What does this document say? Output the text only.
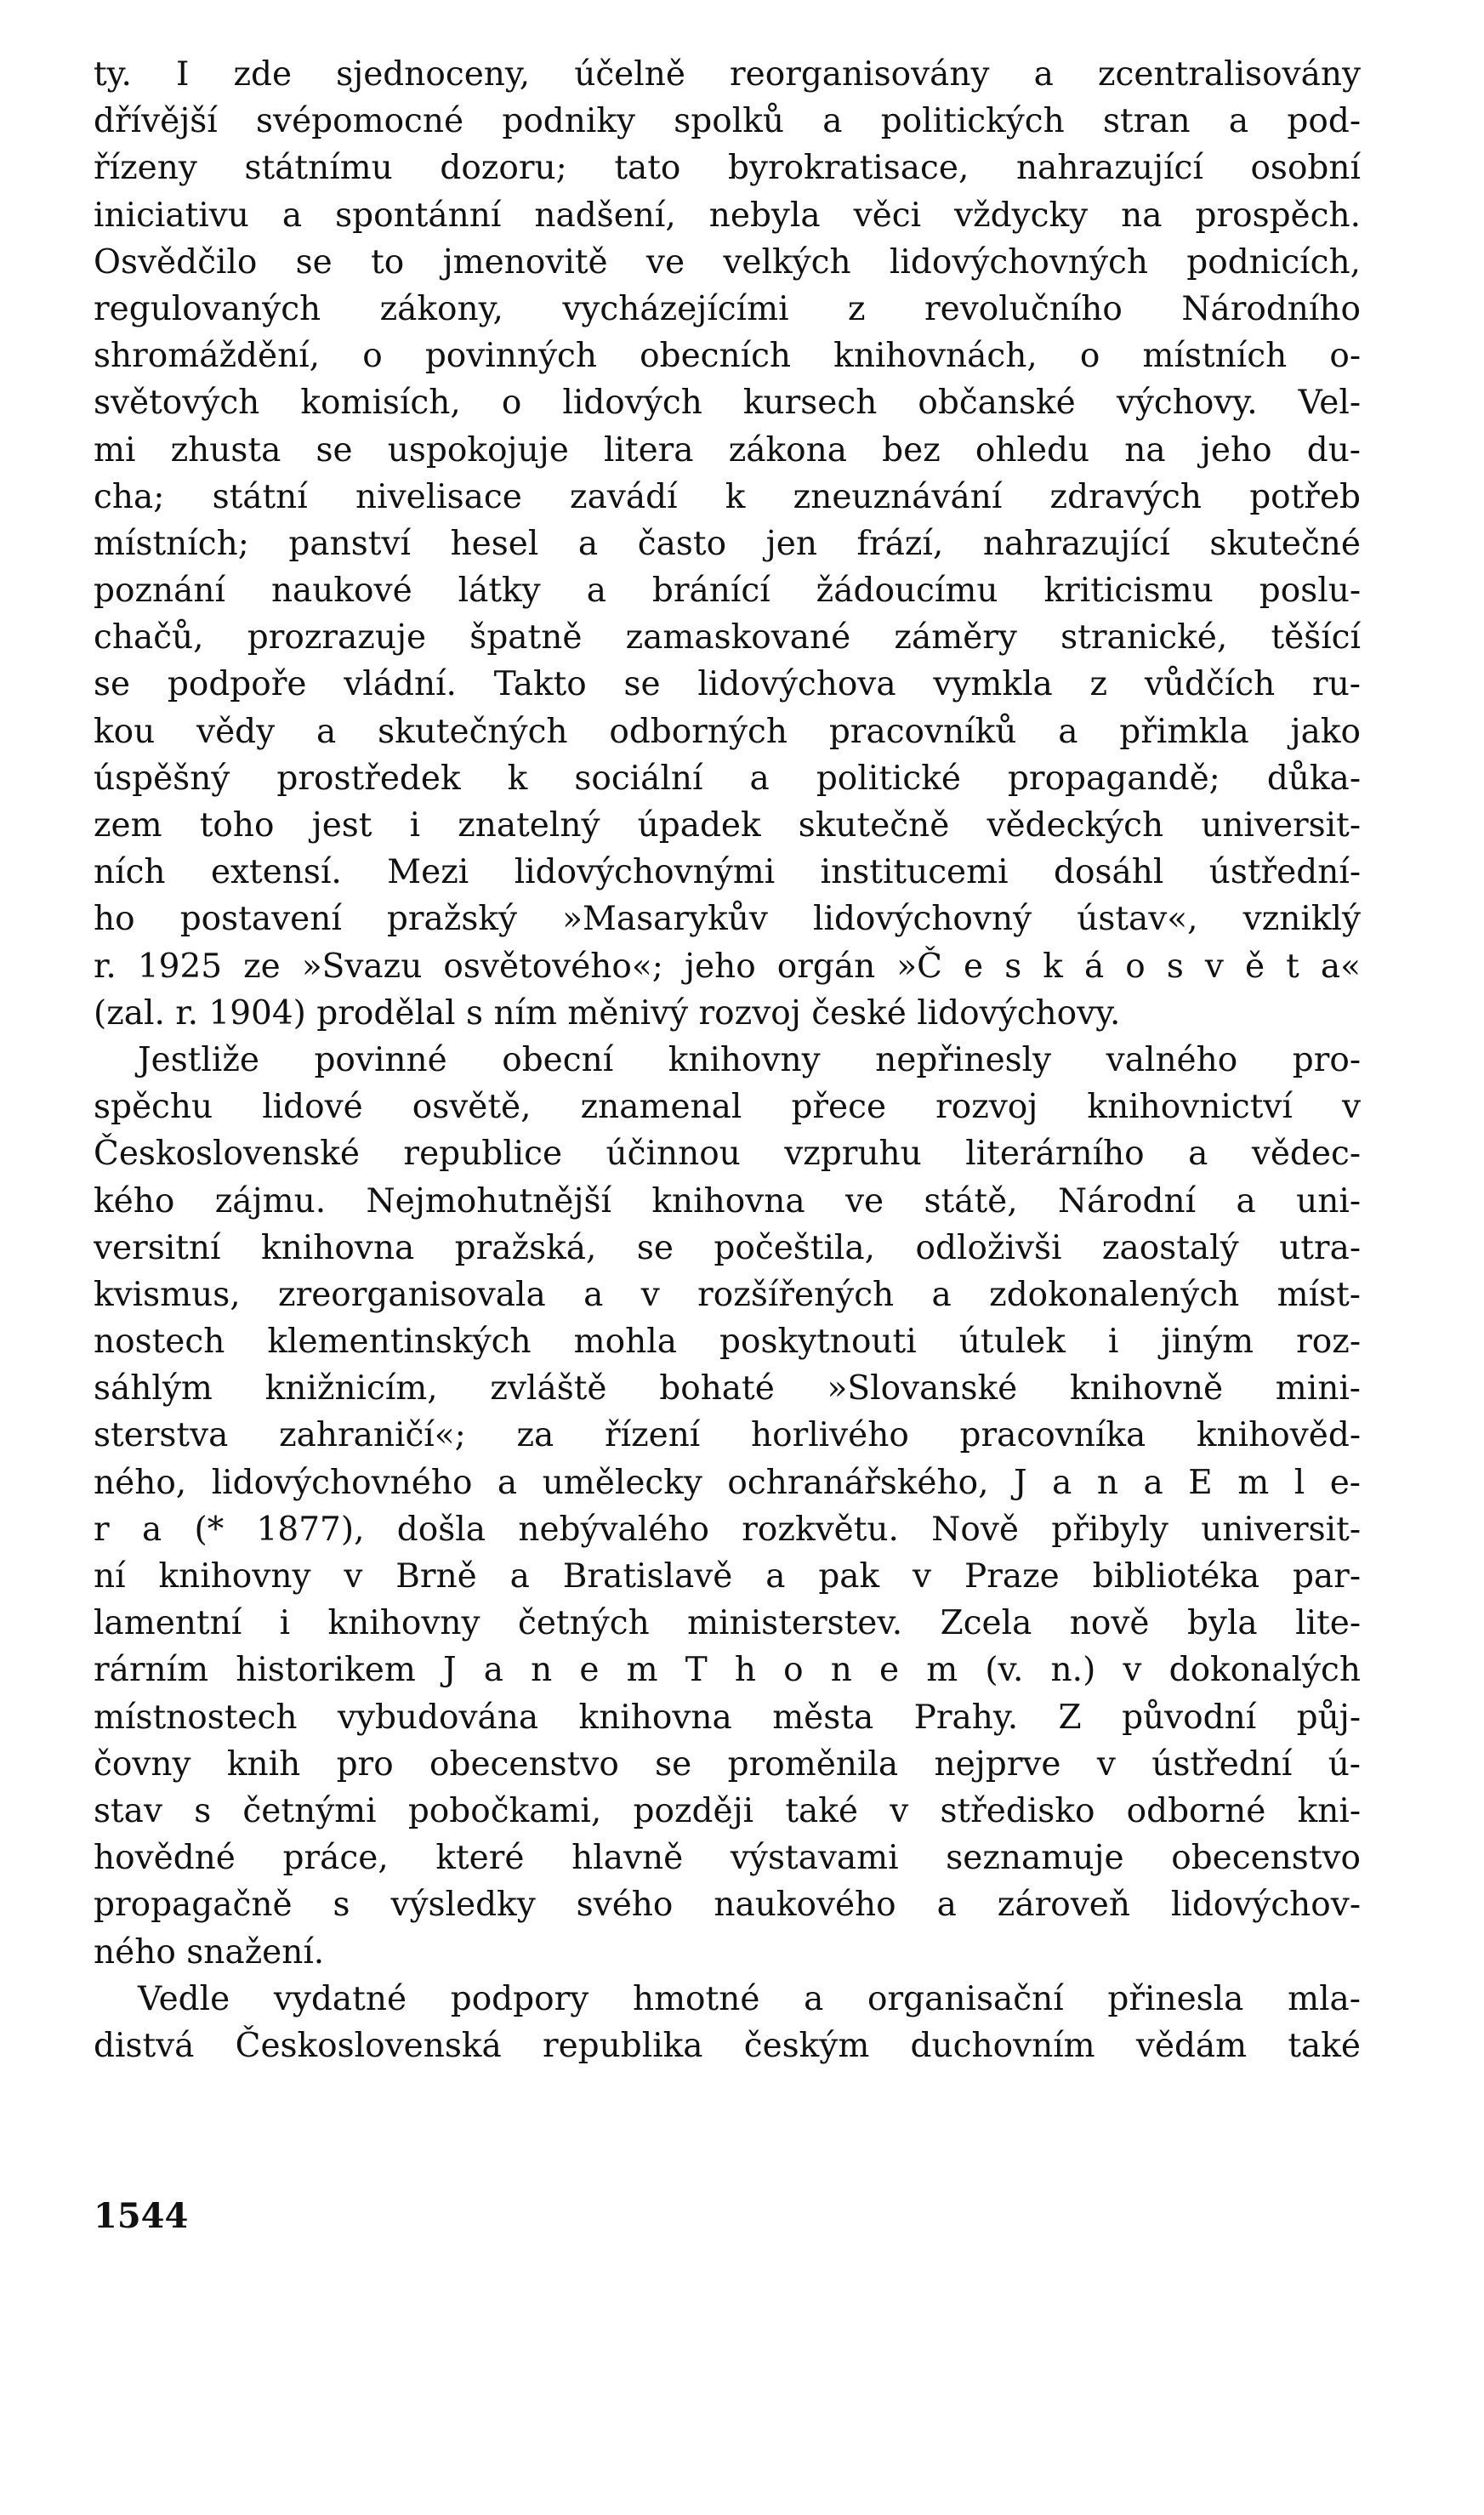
ty. I zde sjednoceny, účelně reorganisovány a zcentralisovány
dřívější svépomocné podniky spolků a politických stran a pod-
řízeny státnímu dozoru; tato byrokratisace, nahrazující osobní
iniciativu a spontánní nadšení, nebyla věci vždycky na prospěch.
Osvědčilo se to jmenovitě ve velkých lidovýchovných podnicích,
regulovaných zákony, vycházejícími z revolučního Národního
shromáždění, o povinných obecních knihovnách, o místních o-
světových komisích, o lidových kursech občanské výchovy. Vel-
mi zhusta se uspokojuje litera zákona bez ohledu na jeho du-
cha; státní nivelisace zavádí k zneuznávání zdravých potřeb
místních; panství hesel a často jen frází, nahrazující skutečné
poznání naukové látky a bránící žádoucímu kriticismu poslu-
chačů, prozrazuje špatně zamaskované záměry stranické, těšící
se podpoře vládní. Takto se lidovýchova vymkla z vůdčích ru-
kou vědy a skutečných odborných pracovníků a přimkla jako
úspěšný prostředek k sociální a politické propagandě; důka-
zem toho jest i znatelný úpadek skutečně vědeckých universit-
ních extensí. Mezi lidovýchovnými institucemi dosáhl ústřední-
ho postavení pražský »Masarykův lidovýchovný ústav«, vzniklý
r. 1925 ze »Svazu osvětového«; jeho orgán »Č e s k á o s v ě t a«
(zal. r. 1904) prodělal s ním měnivý rozvoj české lidovýchovy.
Jestliže povinné obecní knihovny nepřinesly valného pro-
spěchu lidové osvětě, znamenal přece rozvoj knihovnictví v
Československé republice účinnou vzpruhu literárního a vědec-
kého zájmu. Nejmohutnější knihovna ve státě, Národní a uni-
versitní knihovna pražská, se počeštila, odloživši zaostalý utra-
kvismus, zreorganisovala a v rozšířených a zdokonalených míst-
nostech klementinských mohla poskytnouti útulek i jiným roz-
sáhlým knižnicím, zvláště bohaté »Slovanské knihovně mini-
sterstva zahraničí«; za řízení horlivého pracovníka knihověd-
ného, lidovýchovného a umělecky ochranářského, J a n a E m l e-
r a (* 1877), došla nebývalého rozkvětu. Nově přibyly universit-
ní knihovny v Brně a Bratislavě a pak v Praze bibliotéka par-
lamentní i knihovny četných ministerstev. Zcela nově byla lite-
rárním historikem J a n e m T h o n e m (v. n.) v dokonalých
místnostech vybudována knihovna města Prahy. Z původní půj-
čovny knih pro obecenstvo se proměnila nejprve v ústřední ú-
stav s četnými pobočkami, později také v středisko odborné kni-
hovědné práce, které hlavně výstavami seznamuje obecenstvo
propagačně s výsledky svého naukového a zároveň lidovýchov-
ného snažení.
Vedle vydatné podpory hmotné a organisační přinesla mla-
distvá Československá republika českým duchovním vědám také
1544
